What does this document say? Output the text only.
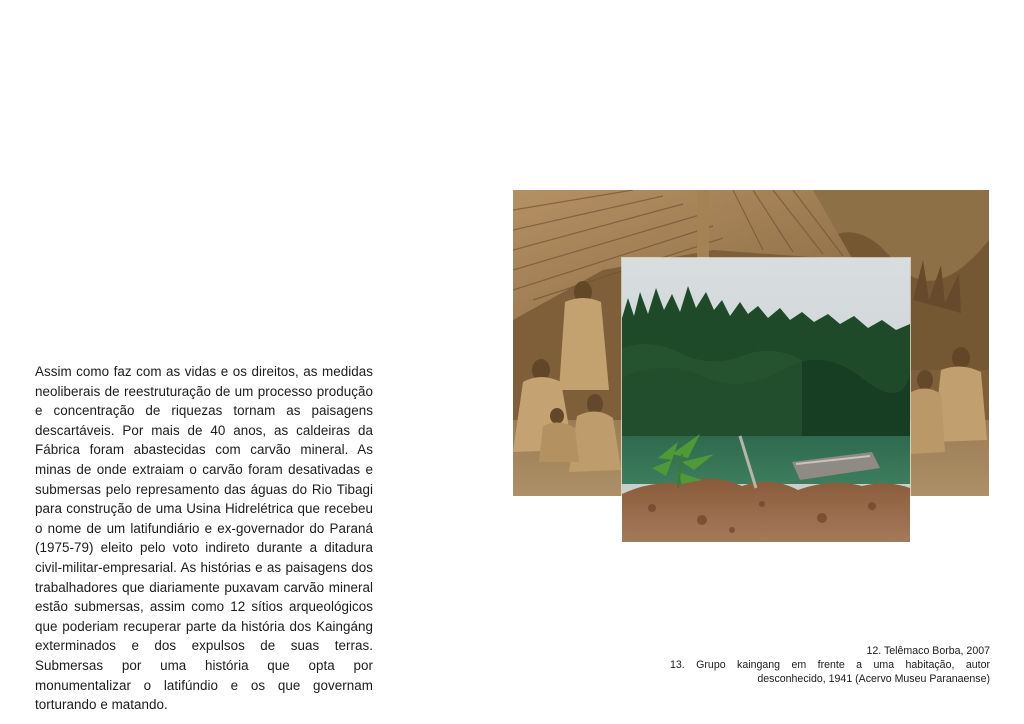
Assim como faz com as vidas e os direitos, as medidas neoliberais de reestruturação de um processo produção e concentração de riquezas tornam as paisagens descartáveis. Por mais de 40 anos, as caldeiras da Fábrica foram abastecidas com carvão mineral. As minas de onde extraiam o carvão foram desativadas e submersas pelo represamento das águas do Rio Tibagi para construção de uma Usina Hidrelétrica que recebeu o nome de um latifundiário e ex-governador do Paraná (1975-79) eleito pelo voto indireto durante a ditadura civil-militar-empresarial. As histórias e as paisagens dos trabalhadores que diariamente puxavam carvão mineral estão submersas, assim como 12 sítios arqueológicos que poderiam recuperar parte da história dos Kaingáng exterminados e dos expulsos de suas terras. Submersas por uma história que opta por monumentalizar o latifúndio e os que governam torturando e matando.

12. Telêmaco Borba, 2007

13. Grupo kaingang em frente a uma habitação, autor desconhecido, 1941 (Acervo Museu Paranaense)
